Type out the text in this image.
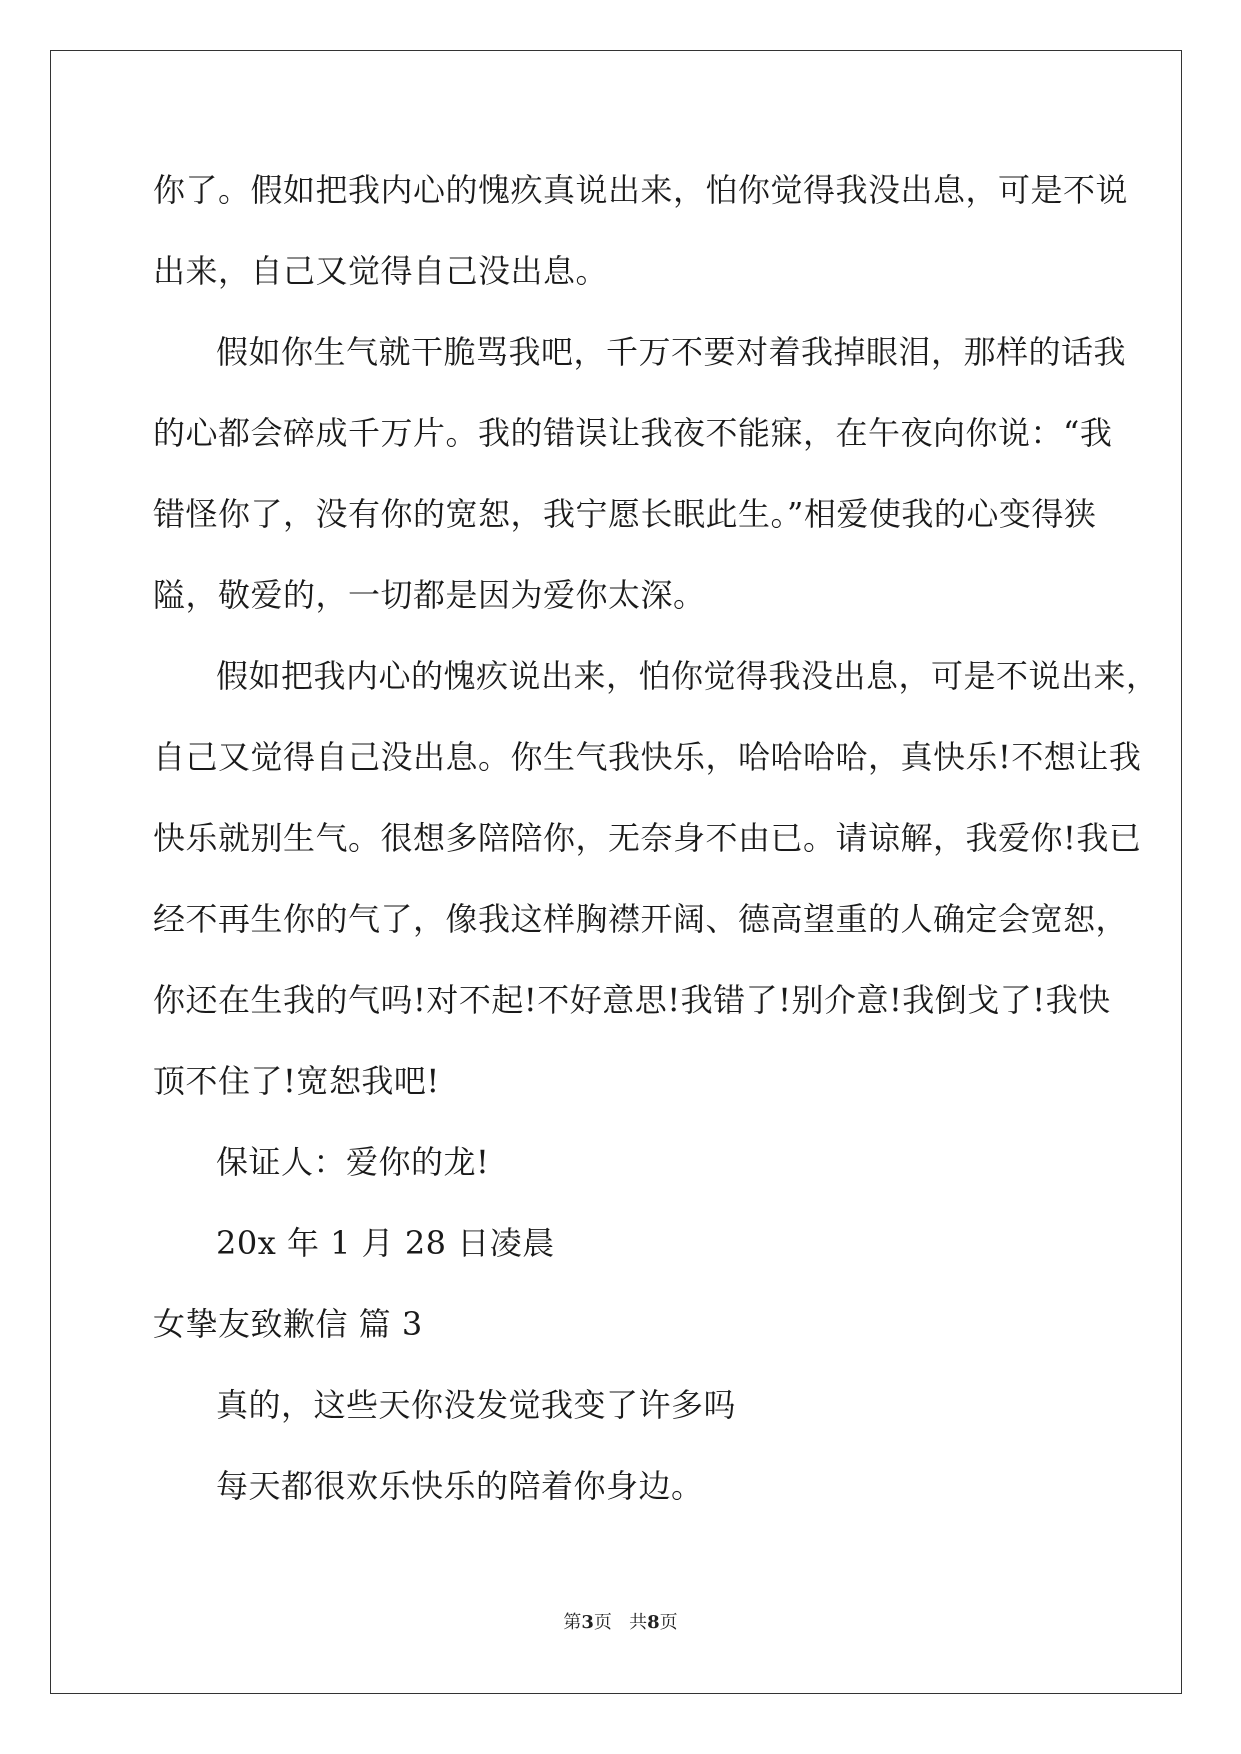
你了。假如把我内心的愧疚真说出来，怕你觉得我没出息，可是不说
出来，自己又觉得自己没出息。
假如你生气就干脆骂我吧，千万不要对着我掉眼泪，那样的话我
的心都会碎成千万片。我的错误让我夜不能寐，在午夜向你说：“我
错怪你了，没有你的宽恕，我宁愿长眠此生。”相爱使我的心变得狭
隘，敬爱的，一切都是因为爱你太深。
假如把我内心的愧疚说出来，怕你觉得我没出息，可是不说出来，
自己又觉得自己没出息。你生气我快乐，哈哈哈哈，真快乐!不想让我
快乐就别生气。很想多陪陪你，无奈身不由已。请谅解，我爱你!我已
经不再生你的气了，像我这样胸襟开阔、德高望重的人确定会宽恕，
你还在生我的气吗!对不起!不好意思!我错了!别介意!我倒戈了!我快
顶不住了!宽恕我吧!
保证人：爱你的龙!
20x 年 1 月 28 日凌晨
女挚友致歉信 篇 3
真的，这些天你没发觉我变了许多吗
每天都很欢乐快乐的陪着你身边。
第3页 共8页
